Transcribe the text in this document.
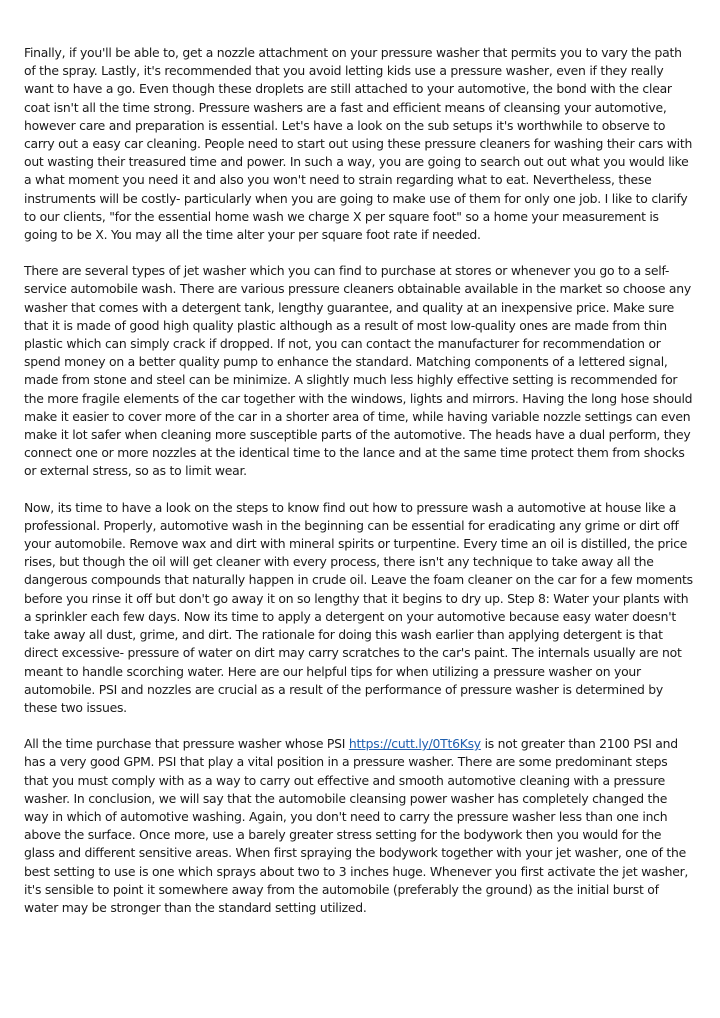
Finally, if you'll be able to, get a nozzle attachment on your pressure washer that permits you to vary the path of the spray. Lastly, it's recommended that you avoid letting kids use a pressure washer, even if they really want to have a go. Even though these droplets are still attached to your automotive, the bond with the clear coat isn't all the time strong. Pressure washers are a fast and efficient means of cleansing your automotive, however care and preparation is essential. Let's have a look on the sub setups it's worthwhile to observe to carry out a easy car cleaning. People need to start out using these pressure cleaners for washing their cars with out wasting their treasured time and power. In such a way, you are going to search out out what you would like a what moment you need it and also you won't need to strain regarding what to eat. Nevertheless, these instruments will be costly- particularly when you are going to make use of them for only one job. I like to clarify to our clients, "for the essential home wash we charge X per square foot" so a home your measurement is going to be X. You may all the time alter your per square foot rate if needed.

There are several types of jet washer which you can find to purchase at stores or whenever you go to a self-service automobile wash. There are various pressure cleaners obtainable available in the market so choose any washer that comes with a detergent tank, lengthy guarantee, and quality at an inexpensive price. Make sure that it is made of good high quality plastic although as a result of most low-quality ones are made from thin plastic which can simply crack if dropped. If not, you can contact the manufacturer for recommendation or spend money on a better quality pump to enhance the standard. Matching components of a lettered signal, made from stone and steel can be minimize. A slightly much less highly effective setting is recommended for the more fragile elements of the car together with the windows, lights and mirrors. Having the long hose should make it easier to cover more of the car in a shorter area of time, while having variable nozzle settings can even make it lot safer when cleaning more susceptible parts of the automotive. The heads have a dual perform, they connect one or more nozzles at the identical time to the lance and at the same time protect them from shocks or external stress, so as to limit wear.

Now, its time to have a look on the steps to know find out how to pressure wash a automotive at house like a professional. Properly, automotive wash in the beginning can be essential for eradicating any grime or dirt off your automobile. Remove wax and dirt with mineral spirits or turpentine. Every time an oil is distilled, the price rises, but though the oil will get cleaner with every process, there isn't any technique to take away all the dangerous compounds that naturally happen in crude oil. Leave the foam cleaner on the car for a few moments before you rinse it off but don't go away it on so lengthy that it begins to dry up. Step 8: Water your plants with a sprinkler each few days. Now its time to apply a detergent on your automotive because easy water doesn't take away all dust, grime, and dirt. The rationale for doing this wash earlier than applying detergent is that direct excessive- pressure of water on dirt may carry scratches to the car's paint. The internals usually are not meant to handle scorching water. Here are our helpful tips for when utilizing a pressure washer on your automobile. PSI and nozzles are crucial as a result of the performance of pressure washer is determined by these two issues.

All the time purchase that pressure washer whose PSI https://cutt.ly/0Tt6Ksy is not greater than 2100 PSI and has a very good GPM. PSI that play a vital position in a pressure washer. There are some predominant steps that you must comply with as a way to carry out effective and smooth automotive cleaning with a pressure washer. In conclusion, we will say that the automobile cleansing power washer has completely changed the way in which of automotive washing. Again, you don't need to carry the pressure washer less than one inch above the surface. Once more, use a barely greater stress setting for the bodywork then you would for the glass and different sensitive areas. When first spraying the bodywork together with your jet washer, one of the best setting to use is one which sprays about two to 3 inches huge. Whenever you first activate the jet washer, it's sensible to point it somewhere away from the automobile (preferably the ground) as the initial burst of water may be stronger than the standard setting utilized.
